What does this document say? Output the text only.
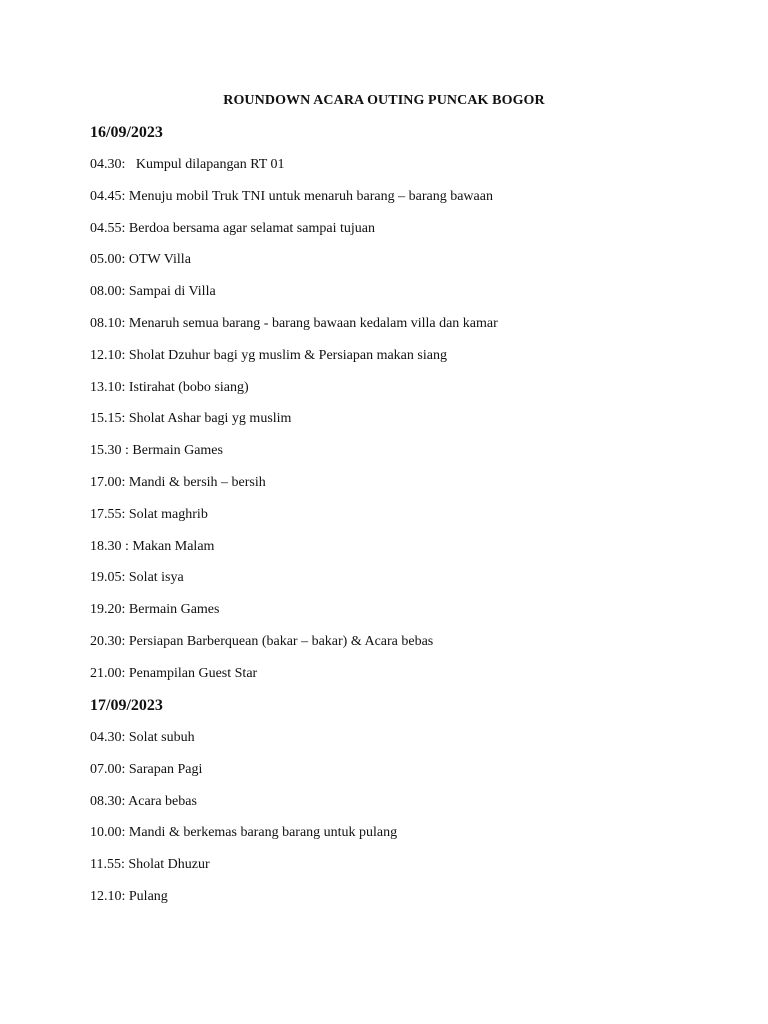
ROUNDOWN ACARA OUTING PUNCAK BOGOR
16/09/2023
04.30:   Kumpul dilapangan RT 01
04.45: Menuju mobil Truk TNI untuk menaruh barang – barang bawaan
04.55: Berdoa bersama agar selamat sampai tujuan
05.00: OTW Villa
08.00: Sampai di Villa
08.10: Menaruh semua barang - barang bawaan kedalam villa dan kamar
12.10: Sholat Dzuhur bagi yg muslim & Persiapan makan siang
13.10: Istirahat (bobo siang)
15.15: Sholat Ashar bagi yg muslim
15.30 : Bermain Games
17.00: Mandi & bersih – bersih
17.55: Solat maghrib
18.30 : Makan Malam
19.05: Solat isya
19.20: Bermain Games
20.30: Persiapan Barberquean (bakar – bakar) & Acara bebas
21.00: Penampilan Guest Star
17/09/2023
04.30: Solat subuh
07.00: Sarapan Pagi
08.30: Acara bebas
10.00: Mandi & berkemas barang barang untuk pulang
11.55: Sholat Dhuzur
12.10: Pulang
